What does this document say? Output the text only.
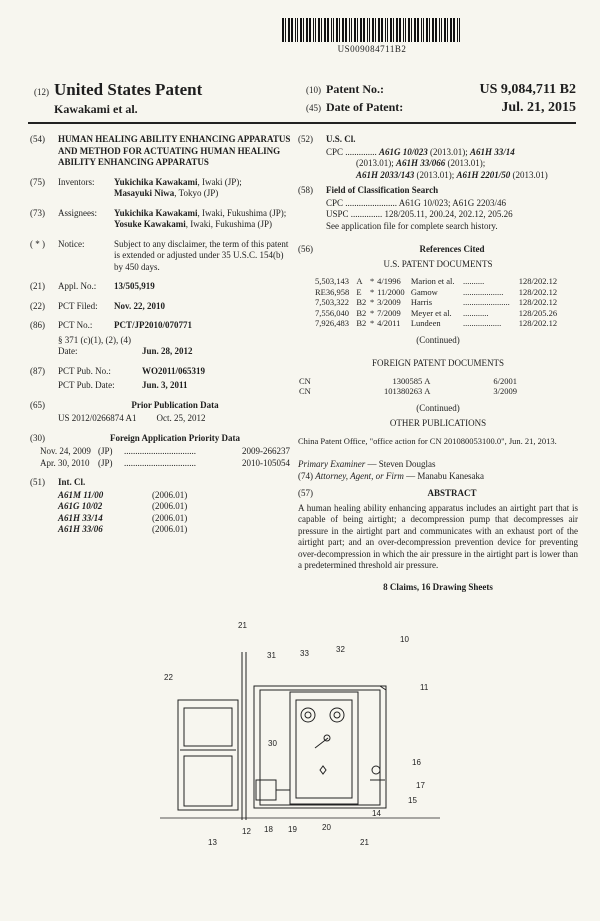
US009084711B2
(12) United States Patent
Kawakami et al.
(10) Patent No.:	US 9,084,711 B2
(45) Date of Patent:	Jul. 21, 2015
(54)	HUMAN HEALING ABILITY ENHANCING APPARATUS AND METHOD FOR ACTUATING HUMAN HEALING ABILITY ENHANCING APPARATUS
(75)	Inventors:	Yukichika Kawakami, Iwaki (JP);
Masayuki Niwa, Tokyo (JP)
(73)	Assignees:	Yukichika Kawakami, Iwaki, Fukushima (JP); Yosuke Kawakami, Iwaki, Fukushima (JP)
( * )	Notice:	Subject to any disclaimer, the term of this patent is extended or adjusted under 35 U.S.C. 154(b) by 450 days.
(21)	Appl. No.:	13/505,919
(22)	PCT Filed:	Nov. 22, 2010
(86)	PCT No.:	PCT/JP2010/070771
§ 371 (c)(1), (2), (4) Date:	Jun. 28, 2012
(87)	PCT Pub. No.:	WO2011/065319
PCT Pub. Date:	Jun. 3, 2011
(65)	Prior Publication Data
US 2012/0266874 A1 Oct. 25, 2012
(30)	Foreign Application Priority Data
Nov. 24, 2009 (JP)	................................	2009-266237
Apr. 30, 2010 (JP)	................................	2010-105054
(51)	Int. Cl.
A61M 11/00	(2006.01)
A61G 10/02	(2006.01)
A61H 33/14	(2006.01)
A61H 33/06	(2006.01)
(52)	U.S. Cl.
CPC .............. A61G 10/023 (2013.01); A61H 33/14
(2013.01); A61H 33/066 (2013.01);
A61H 2033/143 (2013.01); A61H 2201/50 (2013.01)
(58)	Field of Classification Search
CPC ....................... A61G 10/023; A61G 2203/46
USPC .............. 128/205.11, 200.24, 202.12, 205.26
See application file for complete search history.
(56)	References Cited
U.S. PATENT DOCUMENTS
5,503,143	A	*	4/1996	Marion et al.	..........	128/202.12
RE36,958	E	*	11/2000	Gamow	...................	128/202.12
7,503,322	B2	*	3/2009	Harris	......................	128/202.12
7,556,040	B2	*	7/2009	Meyer et al.	............	128/205.26
7,926,483	B2	*	4/2011	Lundeen	..................	128/202.12
(Continued)
FOREIGN PATENT DOCUMENTS
CN	1300585	A	6/2001
CN	101380263	A	3/2009
(Continued)
OTHER PUBLICATIONS
China Patent Office, "office action for CN 201080053100.0", Jun. 21, 2013.
Primary Examiner — Steven Douglas
(74) Attorney, Agent, or Firm — Manabu Kanesaka
(57)	ABSTRACT
A human healing ability enhancing apparatus includes an airtight part that is capable of being airtight; a decompression pump that decompresses air pressure in the airtight part and communicates with an exhaust port of the airtight part; and an over-decompression prevention device for preventing over-decompression in which the air pressure in the airtight part is lower than a predetermined threshold air pressure.
8 Claims, 16 Drawing Sheets
21
10
31	33	32
11
22
30
16
15
14
17
19
18
12
13
20
21
